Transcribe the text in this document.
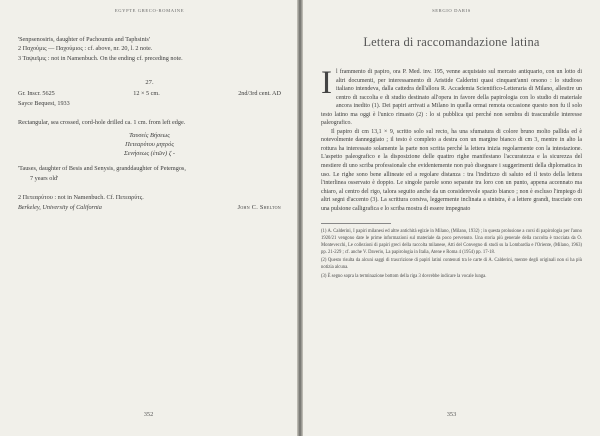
EGYPTE GRECO-ROMAINE
'Senpsenosiris, daughter of Pachoumis and Taphsinis'
2 Παχούμις — Παχούμιος : cf. above, nr. 20, l. 2 note.
3 Ταψιεῖμις : not in Namenbuch. On the ending cf. preceding note.
27.
Gr. Inscr. 5625	12 × 5 cm.	2nd/3rd cent. AD
Sayce Bequest, 1933
Rectangular, sea crossed, cord-hole drilled ca. 1 cm. from left edge.
Ταυσείς Βήσεως
Πετεαρύτου μητρός
Σενήσεως (ἐτῶν) ζ -
'Tauses, daughter of Besis and Senysis, granddaughter of Petemgos,
7 years old'
2 Πετεαρύτου : not in Namenbuch. Cf. Πετεαρύτς.
Berkeley, University of California	John C. Shelton
352
SERGIO DARIS
Lettera di raccomandazione latina

Il frammento di papiro, ora P. Med. inv. 195, venne acquistato sul mercato antiquario, con un lotto di altri documenti, per interessamento di Aristide Calderini quasi cinquant'anni orsono : lo studioso italiano intendeva, dalla cattedra dell'allora R. Accademia Scientifico-Letteraria di Milano, allestire un centro di raccolta e di studio destinato all'opera in favore della papirologia con lo studio di materiale ancora inedito (1). Dei papiri arrivati a Milano in quella ormai remota occasione questo non fu il solo testo latino ma oggi è l'unico rimasto (2) : lo si pubblica qui perché non sembra di trascurabile interesse paleografico.

Il papiro di cm 13,1 × 9, scritto solo sul recto, ha una sfumatura di colore bruno molto pallida ed è notevolmente danneggiato ; il testo è completo a destra con un margine bianco di cm 3, mentre in alto la rottura ha interessato solamente la parte non scritta perché la lettera inizia regolarmente con la intestazione. L'aspetto paleografico e la disposizione delle quattro righe manifestano l'accuratezza e la sicurezza del mestiere di uno scriba professionale che evidentemente non può disegnare i suggerimenti della diplomatica in uso. Le righe sono bene allineate ed a regolare distanza : tra l'indirizzo di saluto ed il testo della lettera l'interlinea osservato è doppio. Le singole parole sono separate tra loro con un punto, appena accennato ma chiaro, al centro del rigo, talora seguito anche da un considerevole spazio bianco ; non è escluso l'impiego di altri segni d'accento (3). La scrittura corsiva, leggermente inclinata a sinistra, è a lettere grandi, tracciate con una pulsione calligrafica e lo scriba mostra di essere impegnato

(1) A. Calderini, I papiri milanesi ed altre antichità egizie in Milano, (Milano, 1932) ; in questa prolusione a corsi di papirologia per l'anno 1920/21 vengono date le prime informazioni sul materiale da poco pervenuto. Una storia più generale della raccolta è tracciata da O. Montevecchi, Le collezioni di papiri greci della raccolta milanese, Atti del Convegno di studi su la Lombardia e l'Oriente, (Milano, 1963) pp. 21-229 ; cf. anche V. Daverio, La papirologia in Italia, Atene e Roma 4 (1954) pp. 17-18.

(2) Questo risulta da alcuni saggi di trascrizione di papiri latini contenuti tra le carte di A. Calderini, mentre degli originali non si ha più notizia alcuna.

(3) È segno sopra la terminazione bottom della riga 3 dovrebbe indicare la vocale lunga.

353
